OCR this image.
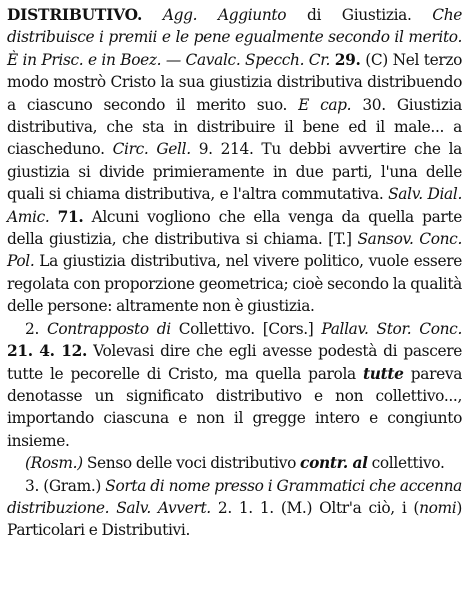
DISTRIBUTIVO. Agg. Aggiunto di Giustizia. Che distribuisce i premii e le pene egualmente secondo il merito. È in Prisc. e in Boez. — Cavalc. Specch. Cr. 29. (C) Nel terzo modo mostrò Cristo la sua giustizia distributiva distribuendo a ciascuno secondo il merito suo. E cap. 30. Giustizia distributiva, che sta in distribuire il bene ed il male... a ciascheduno. Circ. Gell. 9. 214. Tu debbi avvertire che la giustizia si divide primieramente in due parti, l'una delle quali si chiama distributiva, e l'altra commutativa. Salv. Dial. Amic. 71. Alcuni vogliono che ella venga da quella parte della giustizia, che distributiva si chiama. [T.] Sansov. Conc. Pol. La giustizia distributiva, nel vivere politico, vuole essere regolata con proporzione geometrica; cioè secondo la qualità delle persone: altramente non è giustizia.

2. Contrapposto di Collettivo. [Cors.] Pallav. Stor. Conc. 21. 4. 12. Volevasi dire che egli avesse podestà di pascere tutte le pecorelle di Cristo, ma quella parola tutte pareva denotasse un significato distributivo e non collettivo..., importando ciascuna e non il gregge intero e congiunto insieme.

(Rosm.) Senso delle voci distributivo contr. al collettivo.

3. (Gram.) Sorta di nome presso i Grammatici che accenna distribuzione. Salv. Avvert. 2. 1. 1. (M.) Oltr'a ciò, i (nomi) Particolari e Distributivi.
